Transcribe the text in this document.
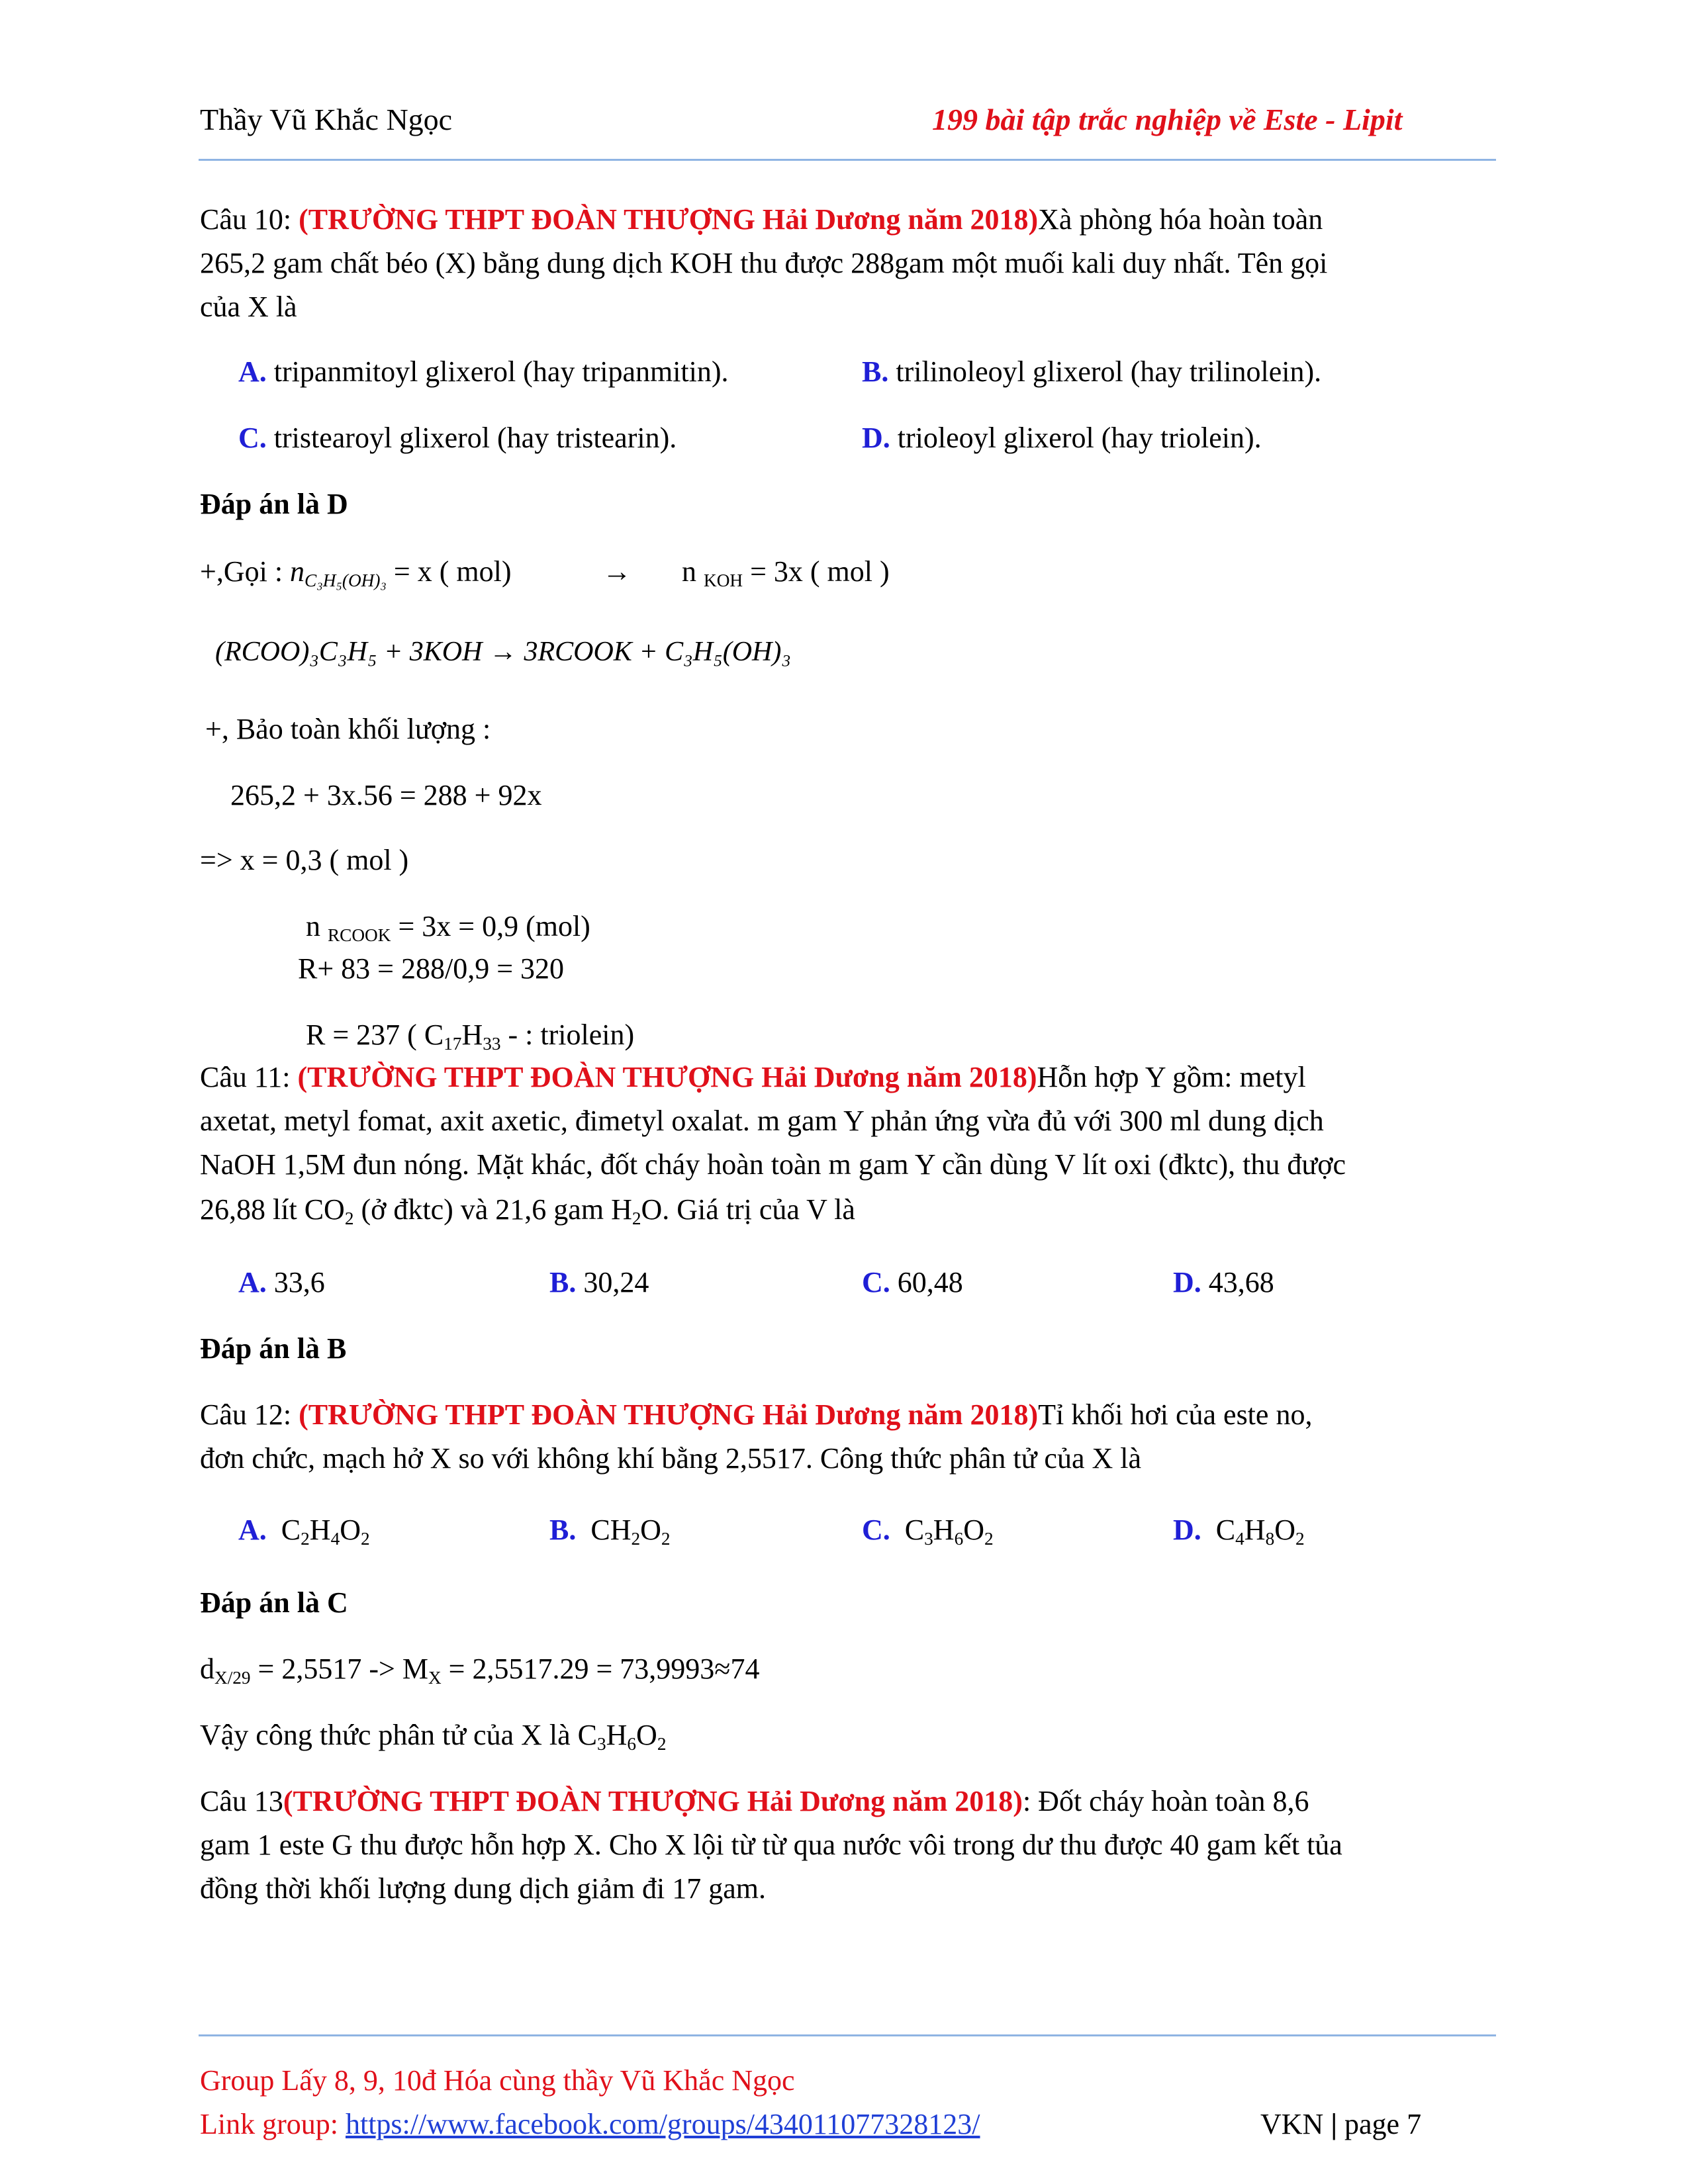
Thầy Vũ Khắc Ngọc	199 bài tập trắc nghiệp về Este - Lipit
Câu 10: (TRƯỜNG THPT ĐOÀN THƯỢNG Hải Dương năm 2018)Xà phòng hóa hoàn toàn
265,2 gam chất béo (X) bằng dung dịch KOH thu được 288gam một muối kali duy nhất. Tên gọi
của X là
A. tripanmitoyl glixerol (hay tripanmitin).	B. trilinoleoyl glixerol (hay trilinolein).
C. tristearoyl glixerol (hay tristearin).	D. trioleoyl glixerol (hay triolein).
Đáp án là D
+,Gọi : $n_{C_3H_5(OH)_3} = x$ ( mol)	→ n $_{KOH}$ = 3x ( mol )
(RCOO)₃C₃H₅ + 3KOH → 3RCOOK + C₃H₅(OH)₃
+, Bảo toàn khối lượng :
265,2 + 3x.56 = 288 + 92x
=> x = 0,3 ( mol )
n $_{RCOOK}$ = 3x = 0,9 (mol)
R+ 83 = 288/0,9 = 320
R = 237 ( $C_{17}H_{33}$ - : triolein)
Câu 11: (TRƯỜNG THPT ĐOÀN THƯỢNG Hải Dương năm 2018)Hỗn hợp Y gồm: metyl
axetat, metyl fomat, axit axetic, đimetyl oxalat. m gam Y phản ứng vừa đủ với 300 ml dung dịch
NaOH 1,5M đun nóng. Mặt khác, đốt cháy hoàn toàn m gam Y cần dùng V lít oxi (đktc), thu được
26,88 lít $CO_2$ (ở đktc) và 21,6 gam $H_2O$. Giá trị của V là
A. 33,6	B. 30,24	C. 60,48	D. 43,68
Đáp án là B
Câu 12: (TRƯỜNG THPT ĐOÀN THƯỢNG Hải Dương năm 2018)Tỉ khối hơi của este no,
đơn chức, mạch hở X so với không khí bằng 2,5517. Công thức phân tử của X là
A. $C_2H_4O_2$	B. $CH_2O_2$	C. $C_3H_6O_2$	D. $C_4H_8O_2$
Đáp án là C
$d_{X/29} = 2,5517 -> M_X = 2,5517.29 = 73,9993\approx 74$
Vậy công thức phân tử của X là $C_3H_6O_2$
Câu 13(TRƯỜNG THPT ĐOÀN THƯỢNG Hải Dương năm 2018): Đốt cháy hoàn toàn 8,6
gam 1 este G thu được hỗn hợp X. Cho X lội từ từ qua nước vôi trong dư thu được 40 gam kết tủa
đồng thời khối lượng dung dịch giảm đi 17 gam.
Group Lấy 8, 9, 10đ Hóa cùng thầy Vũ Khắc Ngọc
Link group: https://www.facebook.com/groups/434011077328123/	VKN | page 7
